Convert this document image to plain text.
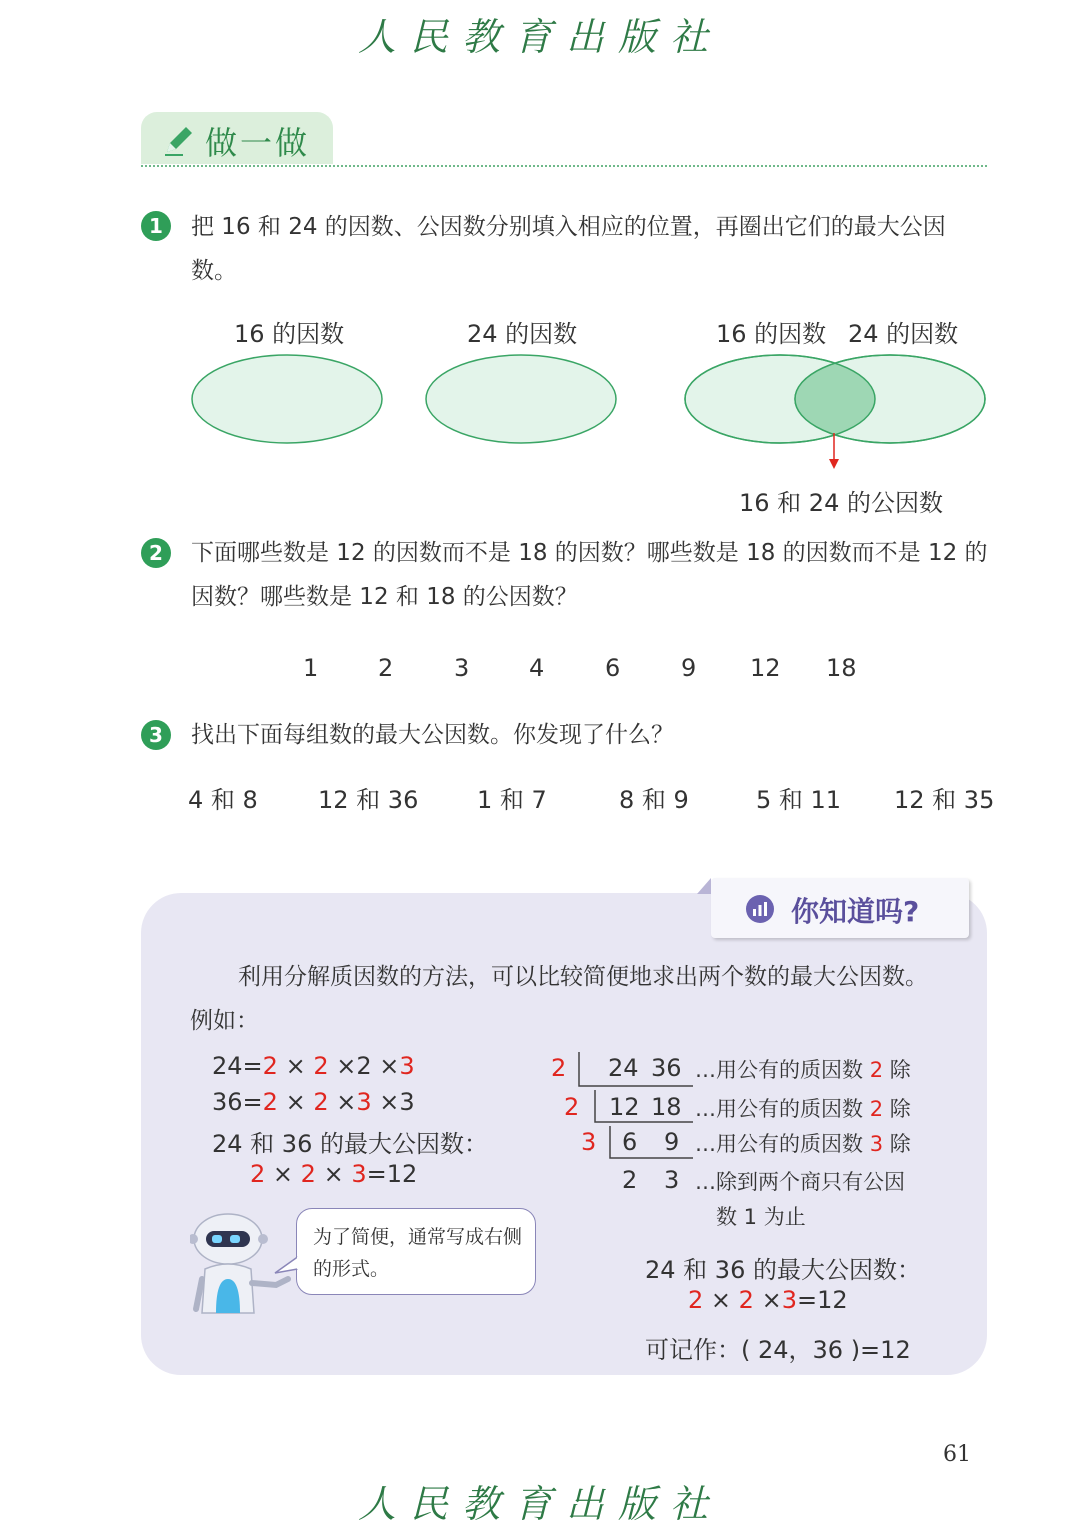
人民教育出版社
做一做
1	把 16 和 24 的因数、公因数分别填入相应的位置，再圈出它们的最大公因数。
16 的因数	24 的因数	16 的因数 24 的因数
16 和 24 的公因数
2	下面哪些数是 12 的因数而不是 18 的因数？哪些数是 18 的因数而不是 12 的因数？哪些数是 12 和 18 的公因数？
1 2	3 4	6	9 12 18
3	找出下面每组数的最大公因数。你发现了什么？
4 和 8	12 和 36 1 和 7	8 和 9	5 和 11 12 和 35
你知道吗?
利用分解质因数的方法，可以比较简便地求出两个数的最大公因数。例如：
24=2 × 2 ×2 ×3
36=2 × 2 ×3 ×3
24 和 36 的最大公因数：
2 × 2 × 3=12
为了简便，通常写成右侧的形式。
2 24 36 …用公有的质因数 2 除
2 12 18 …用公有的质因数 2 除
3 6 9 …用公有的质因数 3 除
2 3 …除到两个商只有公因
数 1 为止
24 和 36 的最大公因数：
2 × 2 ×3=12
可记作：( 24，36 )=12
61
人民教育出版社
